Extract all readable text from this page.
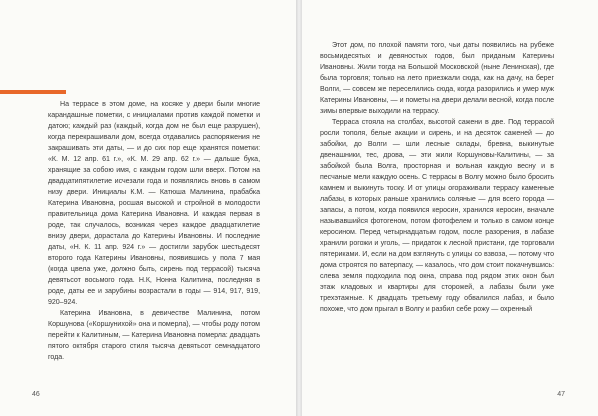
На террасе в этом доме, на косяке у двери были многие карандашные пометки, с инициалами против каждой пометки и датою; каждый раз (каждый, когда дом не был еще разрушен), когда перекрашивали дом, всегда отдавались распоряжения не закрашивать эти даты, — и до сих пор еще хранятся пометки: «К. М. 12 апр. 61 г.», «К. М. 29 апр. 62 г.» — дальше бука, хранящие за собою имя, с каждым годом шли вверх. Потом на двадцатипятилетие исчезали года и появлялись вновь в самом низу двери. Инициалы К.М. — Катюша Малинина, прабабка Катерина Ивановна, росшая высокой и стройной в молодости правительница дома Катерина Ивановна. И каждая первая в роде, так случалось, возникая через каждое двадцатилетие внизу двери, дорастала до Катерины Ивановны. И последние даты, «Н. К. 11 апр. 924 г.» — достигли зарубок шестьдесят второго года Катерины Ивановны, появившись у пола 7 мая (когда цвела уже, должно быть, сирень под террасой) тысяча девятьсот восьмого года. Н.К, Нонна Калитина, последняя в роде, даты ее и зарубины возрастали в годы — 914, 917, 919, 920–924.

Катерина Ивановна, в девичестве Малинина, потом Коршунова («Коршунихой» она и померла), — чтобы роду потом перейти к Калитиным, — Катерина Ивановна померла: двадцать пятого октября старого стиля тысяча девятьсот семнадцатого года.

46

Этот дом, по плохой памяти того, чьи даты появились на рубеже восьмидесятых и девяностых годов, был приданым Катерины Ивановны. Жили тогда на Большой Московской (ныне Ленинская), где была торговля; только на лето приезжали сюда, как на дачу, на берег Волги, — совсем же переселились сюда, когда разорились и умер муж Катерины Ивановны, — и пометы на двери делали весной, когда после зимы впервые выходили на террасу.

Терраса стояла на столбах, высотой сажени в две. Под террасой росли тополя, белые акации и сирень, и на десяток саженей — до забойки, до Волги — шли лесные склады, бревна, выкинутые двенашники, тес, дрова, — эти жили Коршуновы-Калитины, — за забойкой была Волга, просторная и вольная каждую весну и в песчаные мели каждую осень. С террасы в Волгу можно было бросить камнем и выкинуть тоску. И от улицы огораживали террасу каменные лабазы, в которых раньше хранились соляные — для всего города — запасы, а потом, когда появился керосин, хранился керосин, вначале называвшийся фотогеном, потом фотофелем и только в самом конце керосином. Перед четырнадцатым годом, после разорения, в лабазе хранили рогожи и уголь, — придаток к лесной пристани, где торговали пятериками. И, если на дом взглянуть с улицы со взвоза, — потому что дома строятся по ватерпасу, — казалось, что дом стоит покачнувшись: слева земля подходила под окна, справа под рядом этих окон был этаж кладовых и квартиры для сторожей, а лабазы были уже трехэтажные. К двадцать третьему году обвалился лабаз, и было похоже, что дом прыгал в Волгу и разбил себе рожу — охренный

47
